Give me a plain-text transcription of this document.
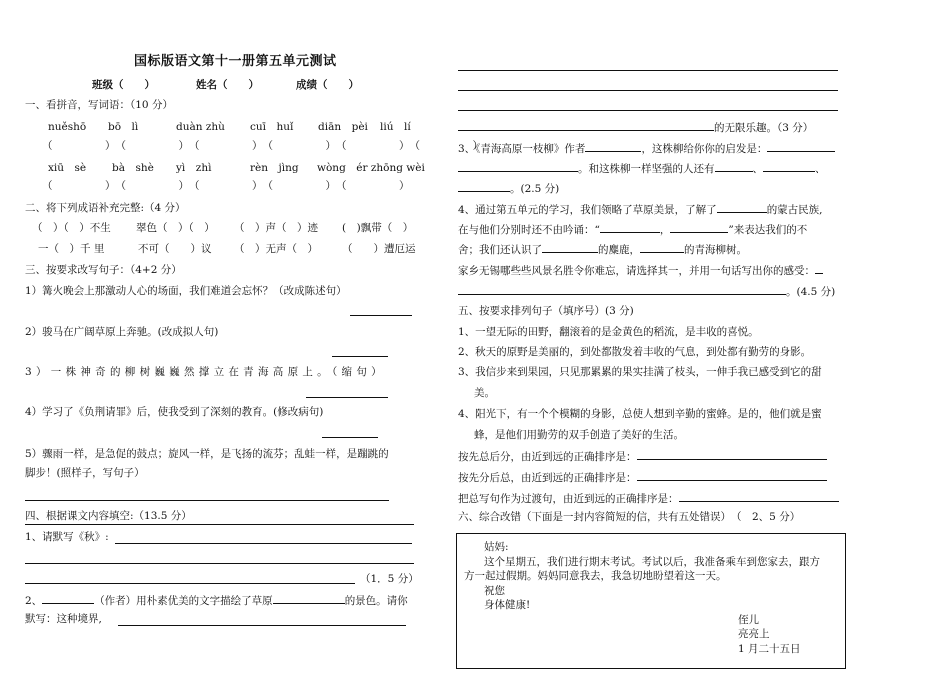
国标版语文第十一册第五单元测试
班级（　　）	姓名（　　）	成绩（　　）
一、看拼音，写词语：（10 分）
nuěshō bō　lì	duàn zhù cuī　huǐ diān　pèi liú　lí
（　　　　　） （　　　　　） （　　　　　） （　　　　　） （　　　　　） （　　　　　）
xiū　sè bà　shè yì　zhì	rèn　jìng wòng　ér zhōng wèi
（　　　　　） （　　　　　） （　　　　　） （　　　　　） （　　　　　）
二、将下列成语补充完整:（4 分）
（　）（　）不生 翠色（　）（　） （　）声（　）迹 (　)飘带（　）
一（　）千 里	不可（　　）议 （　）无声（　） （　　）遭厄运
三、按要求改写句子：（4+2 分）
1）篝火晚会上那激动人心的场面，我们难道会忘怀？（改成陈述句）
2）骏马在广阔草原上奔驰。(改成拟人句)
3）一株神奇的柳树巍巍然撑立在青海高原上。（缩句）
4）学习了《负荆请罪》后，使我受到了深刻的教育。(修改病句)
5）骤雨一样，是急促的鼓点；旋风一样，是飞扬的流芬；乱蛙一样，是蹦跳的
脚步！(照样子，写句子）
四、根据课文内容填空:（13.5 分）
1、请默写《秋》:
（1．5 分）
2、	（作者）用朴素优美的文字描绘了草原	的景色。请你
默写：这种境界,
的无限乐趣。（3 分）
3、《青海高原一枝柳》作者	，这株柳给你你的启发是：
。和这株柳一样坚强的人还有	、	、
。(2.5 分)
4、通过第五单元的学习，我们领略了草原美景，了解了	的蒙古民族,
在与他们分别时还不由吟诵：“	，	”来表达我们的不
舍；我们还认识了	的麋鹿，	的青海柳树。
家乡无锡哪些些风景名胜令你难忘，请选择其一，并用一句话写出你的感受：
。(4.5 分)
五、按要求排列句子（填序号）(3 分)
1、一望无际的田野，翻滚着的是金黄色的稻流，是丰收的喜悦。
2、秋天的原野是美丽的，到处都散发着丰收的气息，到处都有勤劳的身影。
3、我信步来到果园，只见那累累的果实挂满了枝头，一伸手我已感受到它的甜
美。
4、阳光下，有一个个模糊的身影，总使人想到辛勤的蜜蜂。是的，他们就是蜜
蜂，是他们用勤劳的双手创造了美好的生活。
按先总后分，由近到远的正确排序是：
按先分后总，由近到远的正确排序是：
把总写句作为过渡句，由近到远的正确排序是：
六、综合改错（下面是一封内容简短的信，共有五处错误）　（　2、5 分）
姑妈:
这个星期五，我们进行期末考试。考试以后，我准备乘车到您家去，跟方
方一起过假期。妈妈同意我去，我急切地盼望着这一天。
祝您
身体健康!
侄儿
亮亮上
1 月二十五日
